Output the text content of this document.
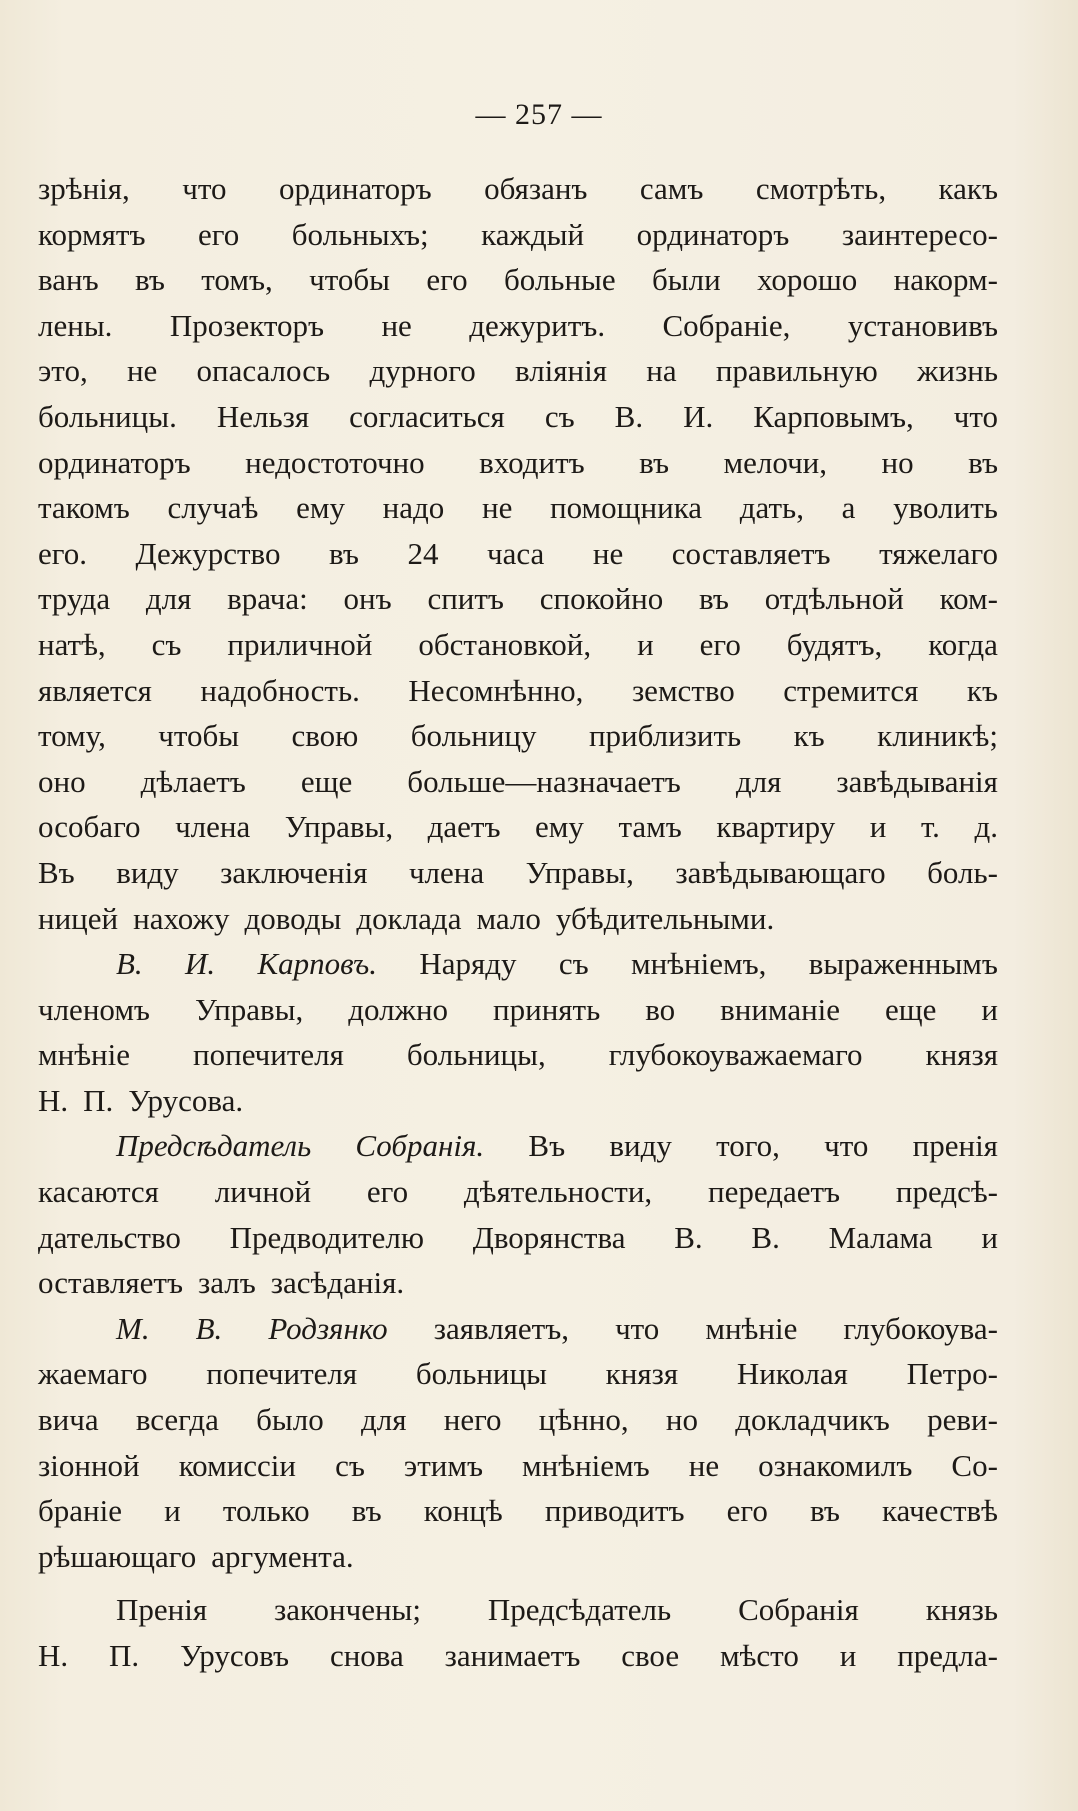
— 257 —
зрѣнія, что ординаторъ обязанъ самъ смотрѣть, какъ
кормятъ его больныхъ; каждый ординаторъ заинтересо-
ванъ въ томъ, чтобы его больные были хорошо накорм-
лены. Прозекторъ не дежуритъ. Собраніе, установивъ
это, не опасалось дурного вліянія на правильную жизнь
больницы. Нельзя согласиться съ В. И. Карповымъ, что
ординаторъ недостоточно входитъ въ мелочи, но въ
такомъ случаѣ ему надо не помощника дать, а уволить
его. Дежурство въ 24 часа не составляетъ тяжелаго
труда для врача: онъ спитъ спокойно въ отдѣльной ком-
натѣ, съ приличной обстановкой, и его будятъ, когда
является надобность. Несомнѣнно, земство стремится къ
тому, чтобы свою больницу приблизить къ клиникѣ;
оно дѣлаетъ еще больше—назначаетъ для завѣдыванія
особаго члена Управы, даетъ ему тамъ квартиру и т. д.
Въ виду заключенія члена Управы, завѣдывающаго боль-
ницей нахожу доводы доклада мало убѣдительными.
В. И. Карповъ. Наряду съ мнѣніемъ, выраженнымъ
членомъ Управы, должно принять во вниманіе еще и
мнѣніе попечителя больницы, глубокоуважаемаго князя
Н. П. Урусова.
Предсѣдатель Собранія. Въ виду того, что пренія
касаются личной его дѣятельности, передаетъ предсѣ-
дательство Предводителю Дворянства В. В. Малама и
оставляетъ залъ засѣданія.
М. В. Родзянко заявляетъ, что мнѣніе глубокоува-
жаемаго попечителя больницы князя Николая Петро-
вича всегда было для него цѣнно, но докладчикъ реви-
зіонной комиссіи съ этимъ мнѣніемъ не ознакомилъ Со-
браніе и только въ концѣ приводитъ его въ качествѣ
рѣшающаго аргумента.
Пренія закончены; Предсѣдатель Собранія князь
Н. П. Урусовъ снова занимаетъ свое мѣсто и предла-
